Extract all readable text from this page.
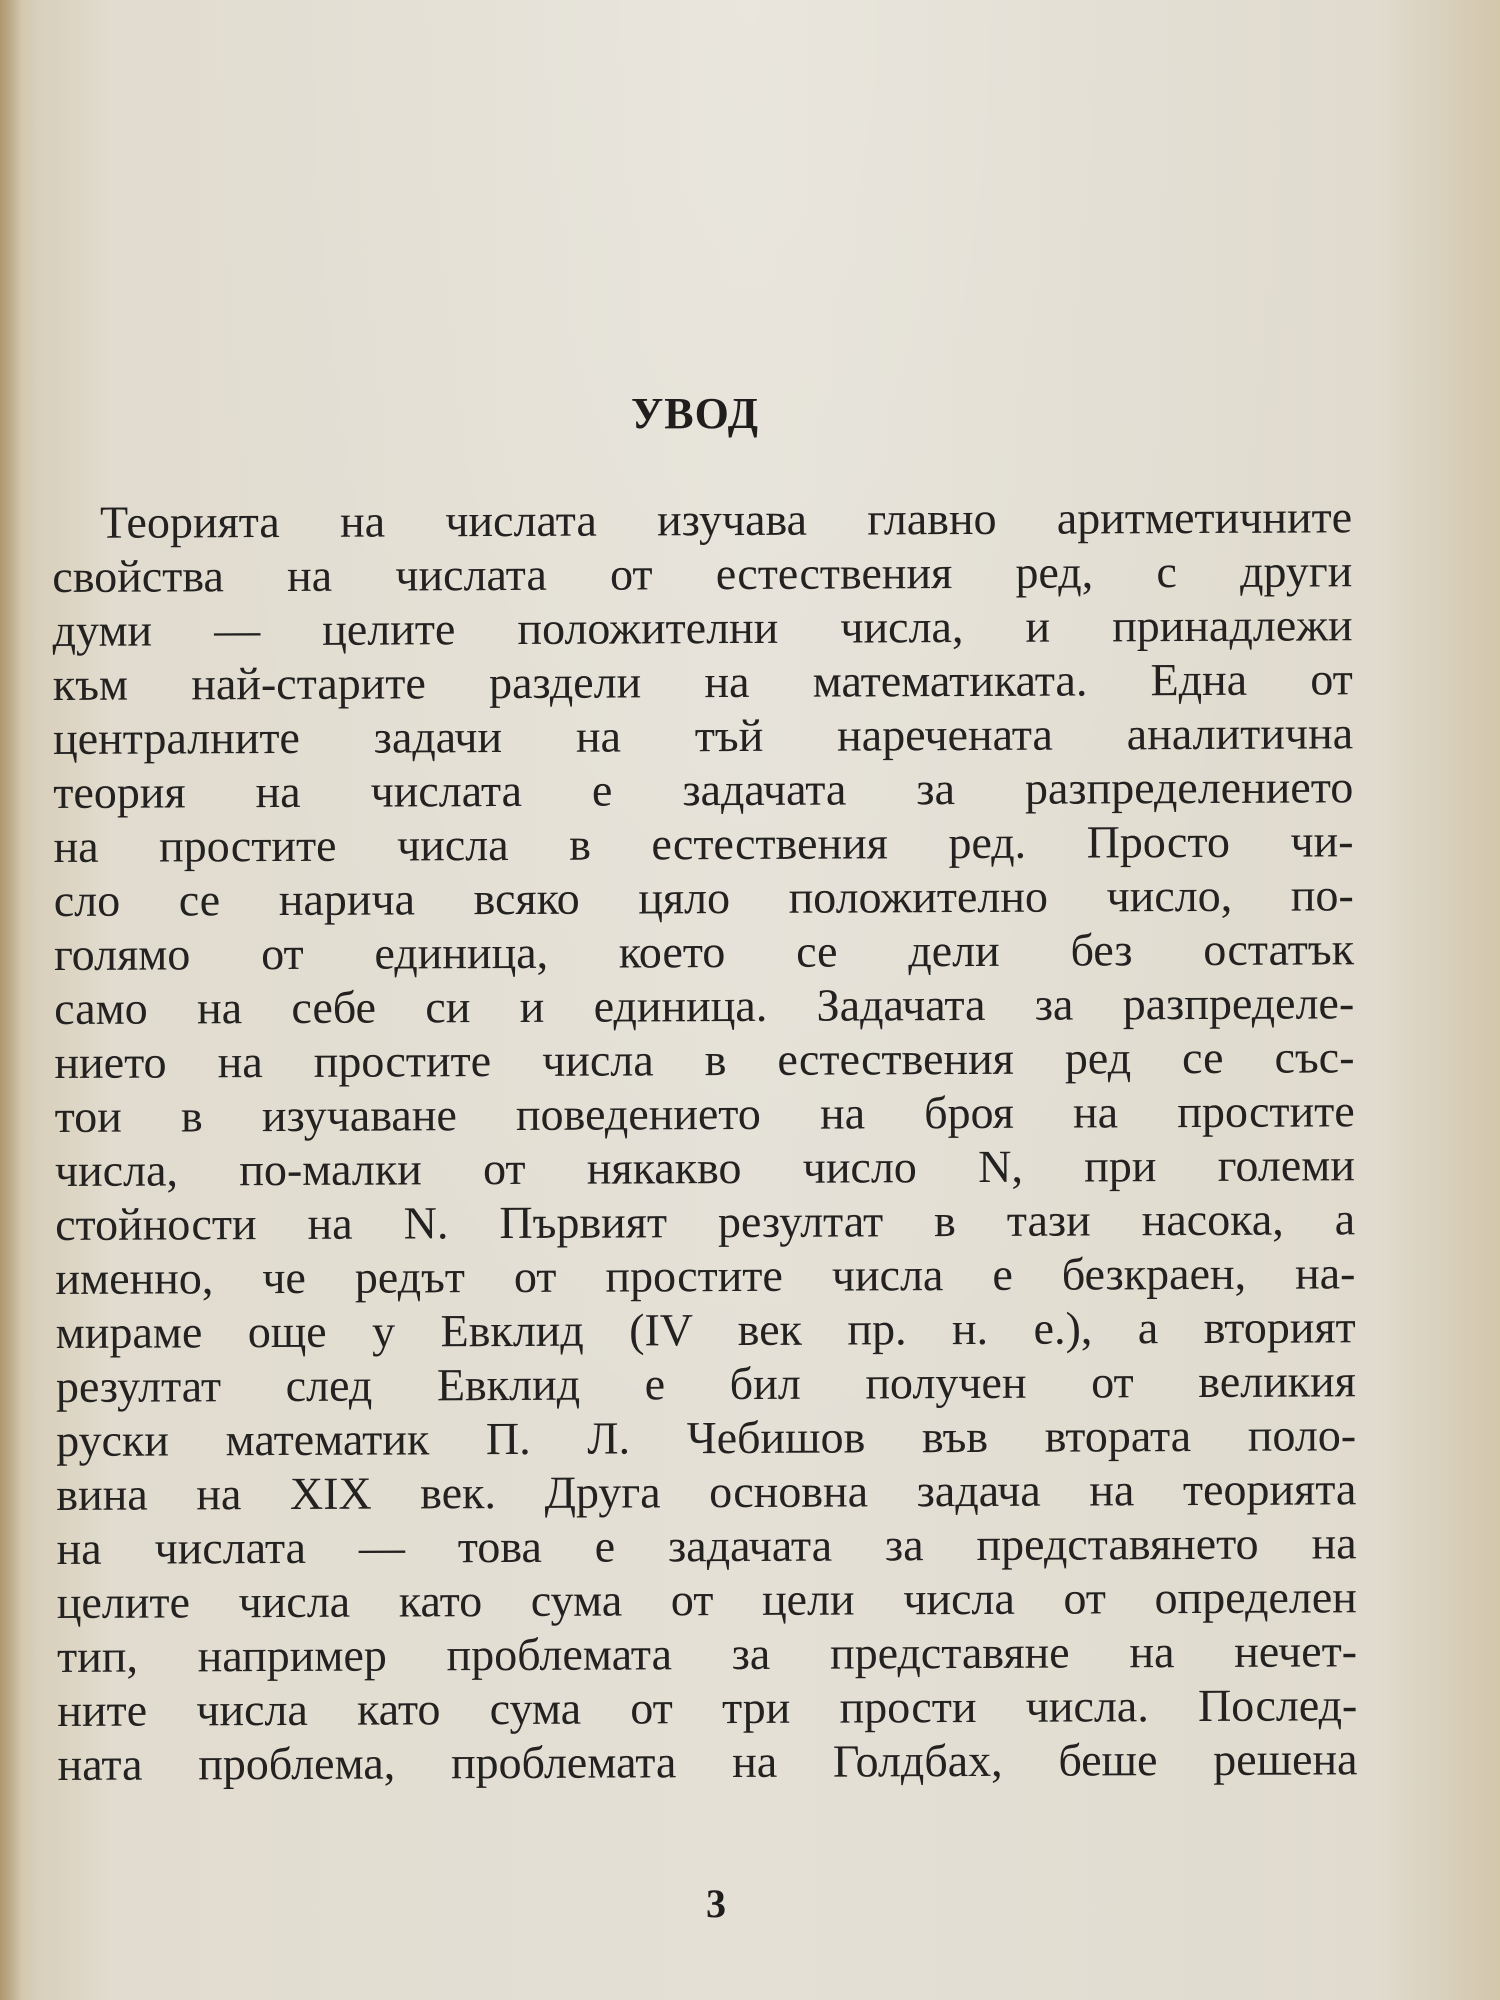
УВОД
Теорията на числата изучава главно аритметичните
свойства на числата от естествения ред, с други
думи — целите положителни числа, и принадлежи
към най-старите раздели на математиката. Една от
централните задачи на тъй наречената аналитична
теория на числата е задачата за разпределението
на простите числа в естествения ред. Просто чи-
сло се нарича всяко цяло положително число, по-
голямо от единица, което се дели без остатък
само на себе си и единица. Задачата за разпределе-
нието на простите числа в естествения ред се със-
тои в изучаване поведението на броя на простите
числа, по-малки от някакво число N, при големи
стойности на N. Първият резултат в тази насока, а
именно, че редът от простите числа е безкраен, на-
мираме още у Евклид (IV век пр. н. е.), а вторият
резултат след Евклид е бил получен от великия
руски математик П. Л. Чебишов във втората поло-
вина на XIX век. Друга основна задача на теорията
на числата — това е задачата за представянето на
целите числа като сума от цели числа от определен
тип, например проблемата за представяне на нечет-
ните числа като сума от три прости числа. Послед-
ната проблема, проблемата на Голдбах, беше решена
3
